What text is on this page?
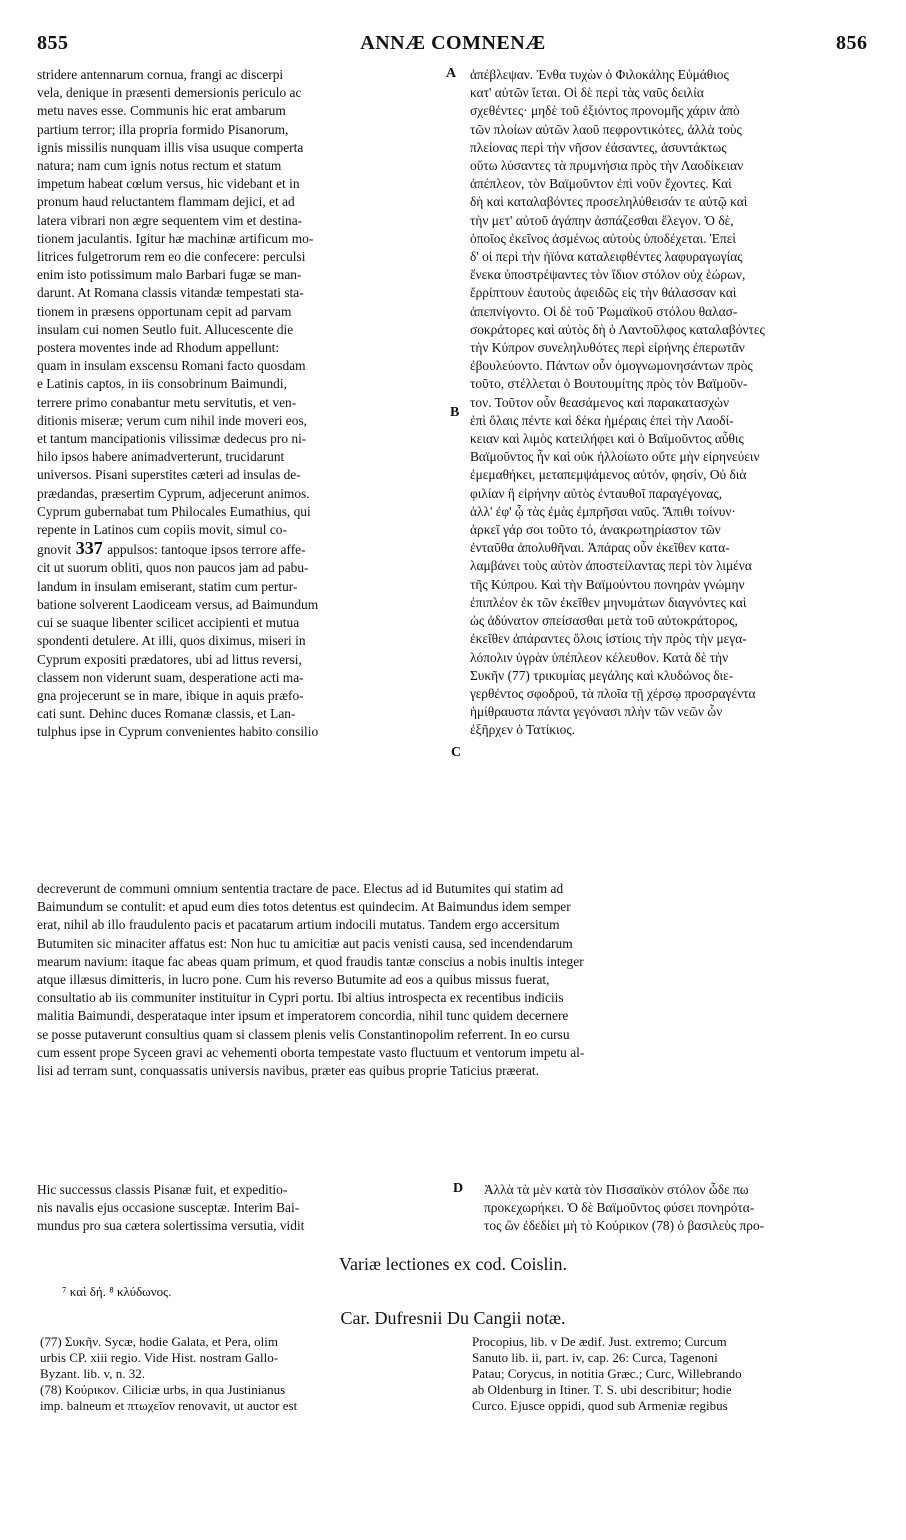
855	ANNÆ COMNENÆ	856
stridere antennarum cornua, frangi ac discerpi
vela, denique in præsenti demersionis periculo ac
metu naves esse. Communis hic erat ambarum
partium terror; illa propria formido Pisanorum,
ignis missilis nunquam illis visa usuque comperta
natura; nam cum ignis notus rectum et statum
impetum habeat cœlum versus, hic videbant et in
pronum haud reluctantem flammam dejici, et ad
latera vibrari non ægre sequentem vim et destina-
tionem jaculantis. Igitur hæ machinæ artificum mo-
litrices fulgetrorum rem eo die confecere: perculsi
enim isto potissimum malo Barbari fugæ se man-
darunt. At Romana classis vitandæ tempestati sta-
tionem in præsens opportunam cepit ad parvam
insulam cui nomen Seutlo fuit. Allucescente die
postera moventes inde ad Rhodum appellunt:
quam in insulam exscensu Romani facto quosdam
e Latinis captos, in iis consobrinum Baimundi,
terrere primo conabantur metu servitutis, et ven-
ditionis miseræ; verum cum nihil inde moveri eos,
et tantum mancipationis vilissimæ dedecus pro ni-
hilo ipsos habere animadverterunt, trucidarunt
universos. Pisani superstites cæteri ad insulas de-
prædandas, præsertim Cyprum, adjecerunt animos.
Cyprum gubernabat tum Philocales Eumathius, qui
repente in Latinos cum copiis movit, simul co-
gnovit 337 appulsos: tantoque ipsos terrore affe-
cit ut suorum obliti, quos non paucos jam ad pabu-
landum in insulam emiserant, statim cum pertur-
batione solverent Laodiceam versus, ad Baimundum
cui se suaque libenter scilicet accipienti et mutua
spondenti detulere. At illi, quos diximus, miseri in
Cyprum expositi prædatores, ubi ad littus reversi,
classem non viderunt suam, desperatione acti ma-
gna projecerunt se in mare, ibique in aquis præfo-
cati sunt. Dehinc duces Romanæ classis, et Lan-
tulphus ipse in Cyprum convenientes habito consilio
ἀπέβλεψαν. Ἐνθα τυχὼν ὁ Φιλοκάλης Εὐμάθιος
κατ' αὐτῶν ἴεται. Οἱ δὲ περὶ τὰς ναῦς δειλία
σχεθέντες· μηδὲ τοῦ ἐξιόντος προνομῆς χάριν ἀπὸ
τῶν πλοίων αὐτῶν λαοῦ πεφροντικότες, ἀλλὰ τοὺς
πλείονας περὶ τὴν νῆσον ἐάσαντες, ἀσυντάκτως
οὕτω λύσαντες τὰ πρυμνήσια πρὸς τὴν Λαοδίκειαν
ἀπέπλεον, τὸν Βαϊμοῦντον ἐπὶ νοῦν ἔχοντες. Καὶ
δὴ καὶ καταλαβόντες προσεληλύθεισάν τε αὐτῷ καὶ
τὴν μετ' αὐτοῦ ἀγάπην ἀσπάζεσθαι ἔλεγον. Ὁ δὲ,
ὁποῖος ἐκεῖνος ἀσμένως αὐτοὺς ὑποδέχεται. Ἐπεὶ
δ' οἱ περὶ τὴν ἠϊόνα καταλειφθέντες λαφυραγωγίας
ἕνεκα ὑποστρέψαντες τὸν ἴδιον στόλον οὐχ ἑώρων,
ἔρρίπτουν ἑαυτοὺς ἀφειδῶς εἰς τὴν θάλασσαν καὶ
ἀπεπνίγοντο. Οἱ δὲ τοῦ Ῥωμαϊκοῦ στόλου θαλασ-
σοκράτορες καὶ αὐτὸς δὴ ὁ Λαντοῦλφος καταλαβόντες
τὴν Κύπρον συνεληλυθότες περὶ εἰρήνης ἐπερωτᾶν
ἐβουλεύοντο. Πάντων οὖν ὁμογνωμονησάντων πρὸς
τοῦτο, στέλλεται ὁ Βουτουμίτης πρὸς τὸν Βαϊμοῦν-
τον. Τοῦτον οὖν θεασάμενος καὶ παρακατασχὼν
ἐπὶ ὅλαις πέντε καὶ δέκα ἡμέραις ἐπεὶ τὴν Λαοδί-
κειαν καὶ λιμὸς κατειλήφει καὶ ὁ Βαϊμοῦντος αὖθις
Βαϊμοῦντος ἦν καὶ οὐκ ἠλλοίωτο οὔτε μὴν εἰρηνεύειν
ἐμεμαθήκει, μεταπεμψάμενος αὐτόν, φησίν, Οὐ διὰ
φιλίαν ἢ εἰρήνην αὐτὸς ἐνταυθοῖ παραγέγονας,
ἀλλ' ἐφ' ᾧ τὰς ἐμὰς ἐμπρῆσαι ναῦς. Ἄπιθι τοίνυν·
ἀρκεῖ γάρ σοι τοῦτο τό, ἀνακρωτηρίαστον τῶν
ἐνταῦθα ἀπολυθῆναι. Ἀπάρας οὖν ἐκεῖθεν κατα-
λαμβάνει τοὺς αὐτὸν ἀποστείλαντας περὶ τὸν λιμένα
τῆς Κύπρου. Καὶ τὴν Βαϊμούντου πονηρὰν γνώμην
ἐπιπλέον ἐκ τῶν ἐκεῖθεν μηνυμάτων διαγνόντες καὶ
ὡς ἀδύνατον σπείσασθαι μετὰ τοῦ αὐτοκράτορος,
ἐκεῖθεν ἀπάραντες ὅλοις ἱστίοις τὴν πρὸς τὴν μεγα-
λόπολιν ὑγρὰν ὑπέπλεον κέλευθον. Κατὰ δὲ τὴν
Συκῆν (77) τρικυμίας μεγάλης καὶ κλυδώνος διε-
γερθέντος σφοδροῦ, τὰ πλοῖα τῇ χέρσῳ προσραγέντα
ἡμίθραυστα πάντα γεγόνασι πλὴν τῶν νεῶν ὧν
ἐξῆρχεν ὁ Τατίκιος.
A
B
C
D
decreverunt de communi omnium sententia tractare de pace. Electus ad id Butumites qui statim ad
Baimundum se contulit: et apud eum dies totos detentus est quindecim. At Baimundus idem semper
erat, nihil ab illo fraudulento pacis et pacatarum artium indocili mutatus. Tandem ergo accersitum
Butumiten sic minaciter affatus est: Non huc tu amicitiæ aut pacis venisti causa, sed incendendarum
mearum navium: itaque fac abeas quam primum, et quod fraudis tantæ conscius a nobis inultis integer
atque illæsus dimitteris, in lucro pone. Cum his reverso Butumite ad eos a quibus missus fuerat,
consultatio ab iis communiter instituitur in Cypri portu. Ibi altius introspecta ex recentibus indiciis
malitia Baimundi, desperataque inter ipsum et imperatorem concordia, nihil tunc quidem decernere
se posse putaverunt consultius quam si classem plenis velis Constantinopolim referrent. In eo cursu
cum essent prope Syceen gravi ac vehementi oborta tempestate vasto fluctuum et ventorum impetu al-
lisi ad terram sunt, conquassatis universis navibus, præter eas quibus proprie Taticius præerat.
Hic successus classis Pisanæ fuit, et expeditio-
nis navalis ejus occasione susceptæ. Interim Bai-
mundus pro sua cætera solertissima versutia, vidit
Ἀλλὰ τὰ μὲν κατὰ τὸν Πισσαϊκὸν στόλον ὧδε πω
προκεχωρήκει. Ὁ δὲ Βαϊμοῦντος φύσει πονηρότα-
τος ὢν ἐδεδίει μὴ τὸ Κούρικον (78) ὁ βασιλεὺς προ-
Variæ lectiones ex cod. Coislin.
⁷ καὶ δή. ⁸ κλύδωνος.
Car. Dufresnii Du Cangii notæ.
(77) Συκῆν. Sycæ, hodie Galata, et Pera, olim
urbis CP. xiii regio. Vide Hist. nostram Gallo-
Byzant. lib. v, n. 32.
(78) Κούρικον. Ciliciæ urbs, in qua Justinianus
imp. balneum et πτωχεῖον renovavit, ut auctor est
Procopius, lib. v De ædif. Just. extremo; Curcum
Sanuto lib. ii, part. iv, cap. 26: Curca, Tagenoni
Patau; Corycus, in notitia Græc.; Curc, Willebrando
ab Oldenburg in Itiner. T. S. ubi describitur; hodie
Curco. Ejusce oppidi, quod sub Armeniæ regibus
